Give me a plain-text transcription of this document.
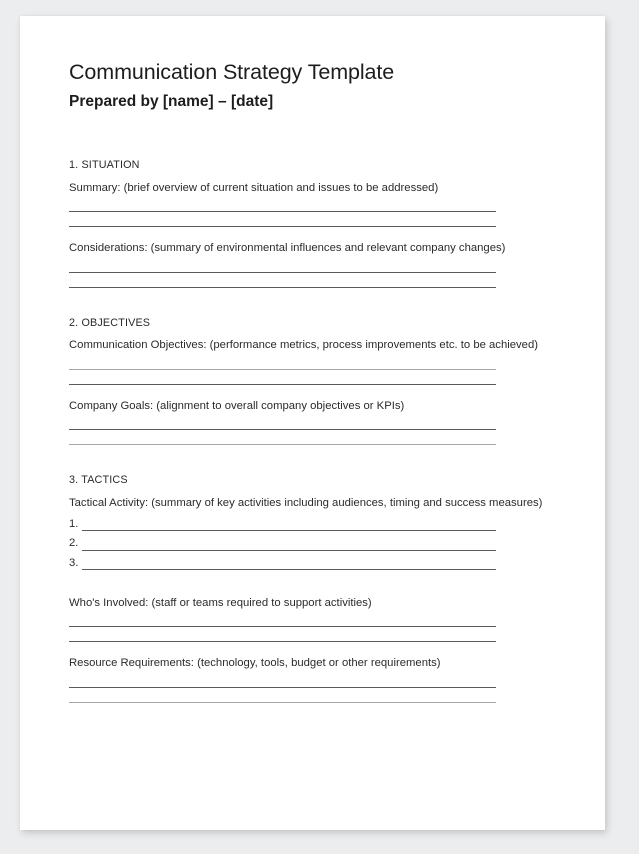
Communication Strategy Template
Prepared by [name] – [date]
1. SITUATION

Summary: (brief overview of current situation and issues to be addressed)

Considerations: (summary of environmental influences and relevant company changes)

2. OBJECTIVES

Communication Objectives: (performance metrics, process improvements etc. to be achieved)

Company Goals: (alignment to overall company objectives or KPIs)

3. TACTICS

Tactical Activity: (summary of key activities including audiences, timing and success measures)

1.
2.
3.

Who's Involved: (staff or teams required to support activities)

Resource Requirements: (technology, tools, budget or other requirements)
